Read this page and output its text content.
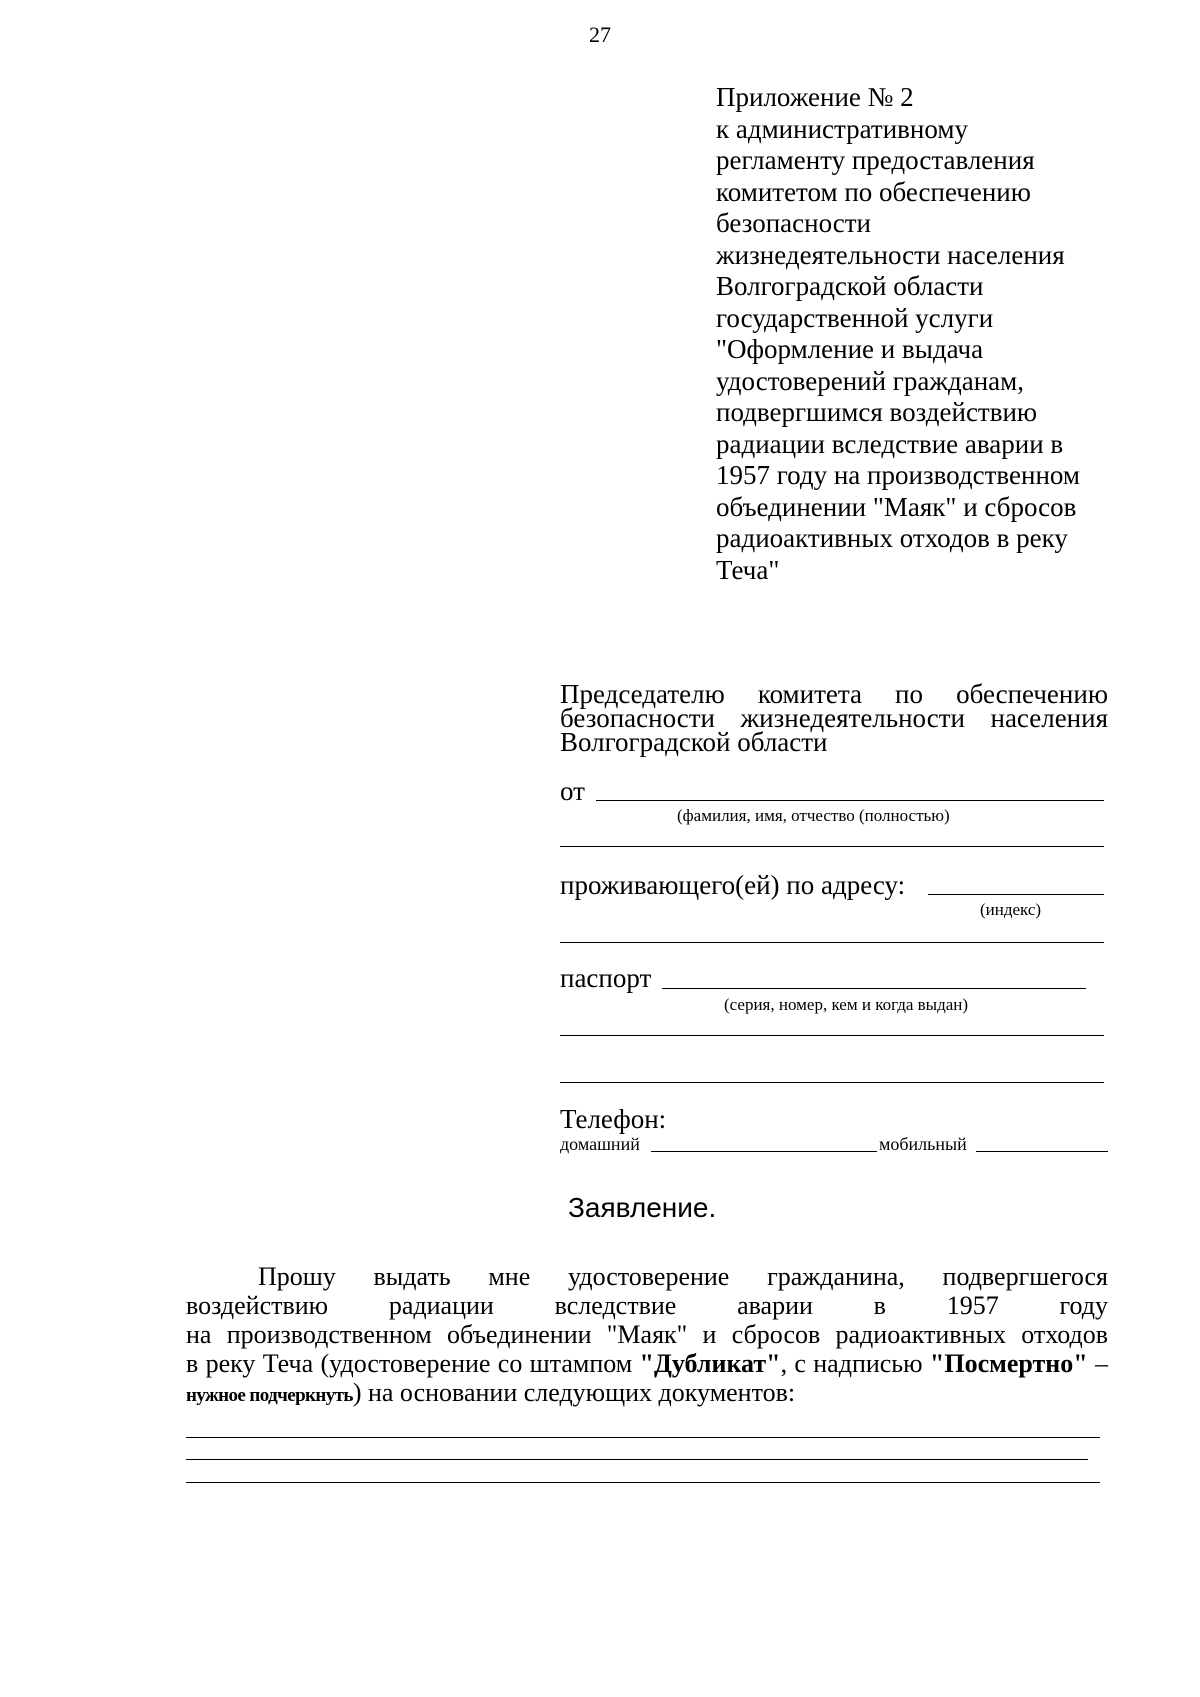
27
Приложение № 2
к административному
регламенту предоставления
комитетом по обеспечению
безопасности
жизнедеятельности населения
Волгоградской области
государственной услуги
"Оформление и выдача
удостоверений гражданам,
подвергшимся воздействию
радиации вследствие аварии в
1957 году на производственном
объединении "Маяк" и сбросов
радиоактивных отходов в реку
Теча"
Председателю комитета по обеспечению
безопасности жизнедеятельности населения
Волгоградской области
от
(фамилия, имя, отчество (полностью)
проживающего(ей) по адресу:
(индекс)
паспорт
(серия, номер, кем и когда выдан)
Телефон:
домашний	мобильный
Заявление.
Прошу выдать мне удостоверение гражданина, подвергшегося
воздействию радиации вследствие аварии в 1957 году
на производственном объединении "Маяк" и сбросов радиоактивных отходов
в реку Теча (удостоверение со штампом "Дубликат", с надписью "Посмертно" –
нужное подчеркнуть) на основании следующих документов:
